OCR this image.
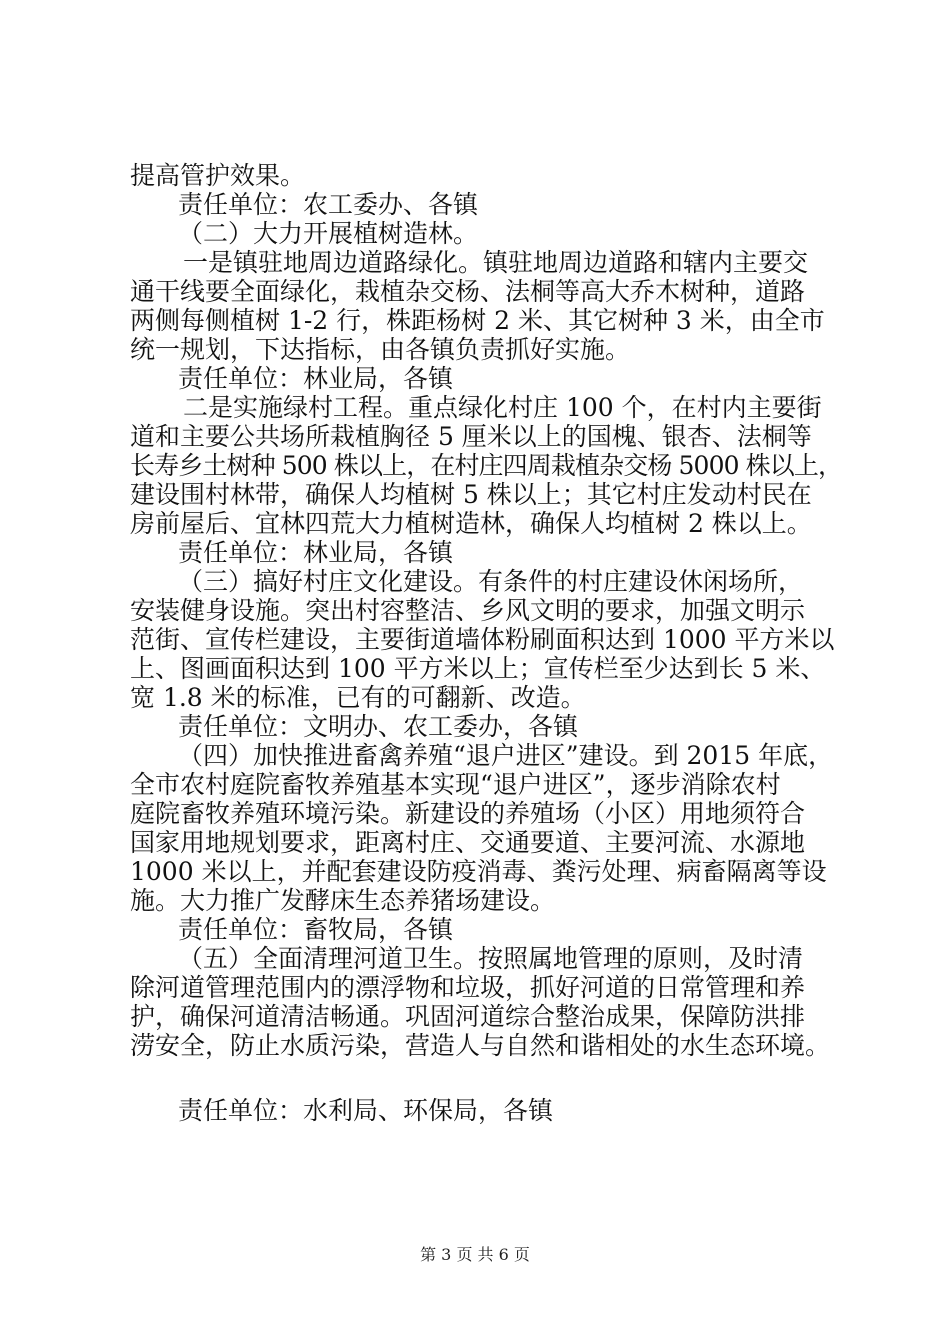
提高管护效果。
责任单位：农工委办、各镇
（二）大力开展植树造林。
一是镇驻地周边道路绿化。镇驻地周边道路和辖内主要交
通干线要全面绿化，栽植杂交杨、法桐等高大乔木树种，道路
两侧每侧植树 1-2 行，株距杨树 2 米、其它树种 3 米，由全市
统一规划，下达指标，由各镇负责抓好实施。
责任单位：林业局，各镇
二是实施绿村工程。重点绿化村庄 100 个，在村内主要街
道和主要公共场所栽植胸径 5 厘米以上的国槐、银杏、法桐等
长寿乡土树种 500 株以上，在村庄四周栽植杂交杨 5000 株以上，
建设围村林带，确保人均植树 5 株以上；其它村庄发动村民在
房前屋后、宜林四荒大力植树造林，确保人均植树 2 株以上。
责任单位：林业局，各镇
（三）搞好村庄文化建设。有条件的村庄建设休闲场所，
安装健身设施。突出村容整洁、乡风文明的要求，加强文明示
范街、宣传栏建设，主要街道墙体粉刷面积达到 1000 平方米以
上、图画面积达到 100 平方米以上；宣传栏至少达到长 5 米、
宽 1.8 米的标准，已有的可翻新、改造。
责任单位：文明办、农工委办，各镇
（四）加快推进畜禽养殖“退户进区”建设。到 2015 年底，
全市农村庭院畜牧养殖基本实现“退户进区”，逐步消除农村
庭院畜牧养殖环境污染。新建设的养殖场（小区）用地须符合
国家用地规划要求，距离村庄、交通要道、主要河流、水源地
1000 米以上，并配套建设防疫消毒、粪污处理、病畜隔离等设
施。大力推广发酵床生态养猪场建设。
责任单位：畜牧局，各镇
（五）全面清理河道卫生。按照属地管理的原则，及时清
除河道管理范围内的漂浮物和垃圾，抓好河道的日常管理和养
护，确保河道清洁畅通。巩固河道综合整治成果，保障防洪排
涝安全，防止水质污染，营造人与自然和谐相处的水生态环境。
责任单位：水利局、环保局，各镇
第 3 页 共 6 页
